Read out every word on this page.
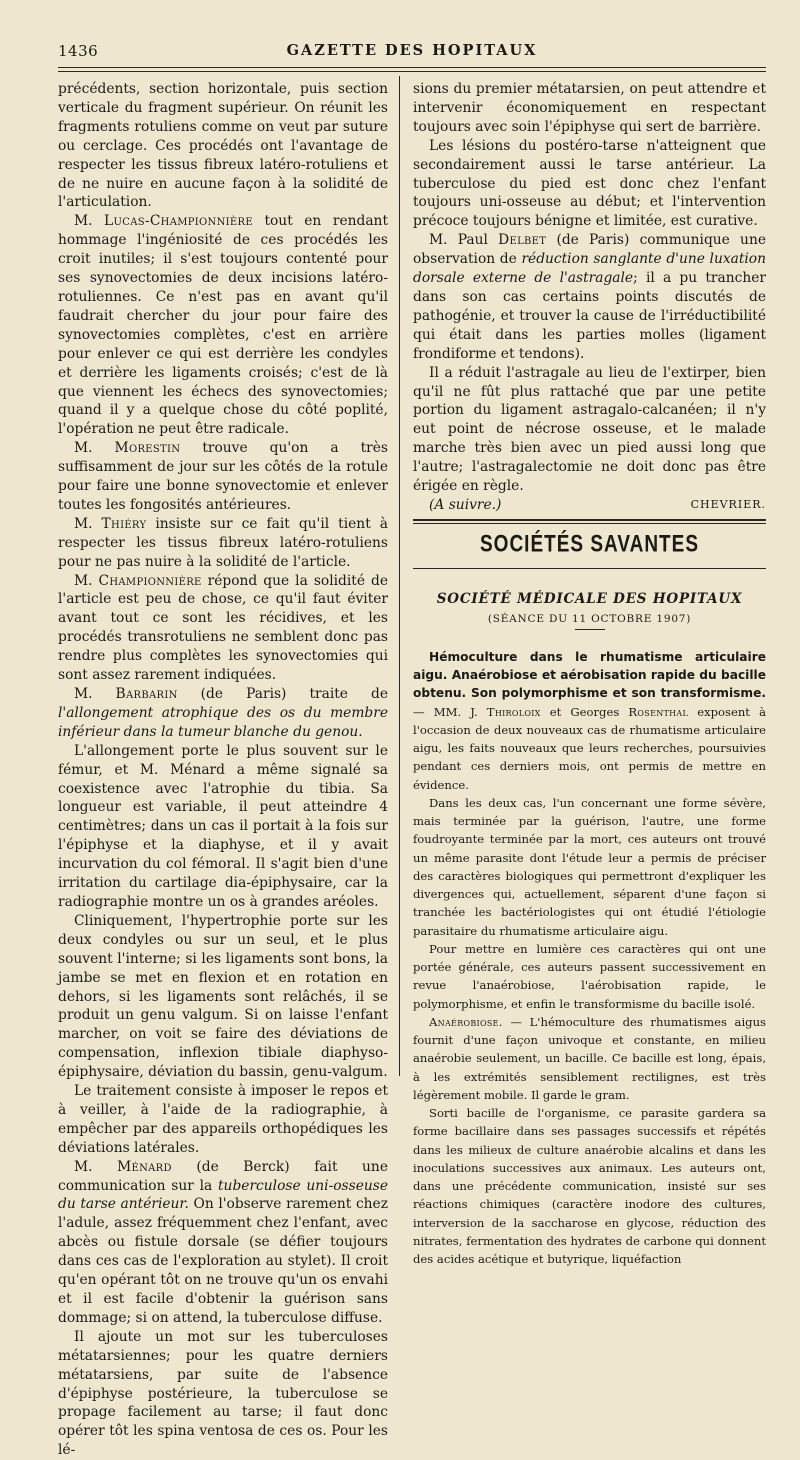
1436	GAZETTE DES HOPITAUX

précédents, section horizontale, puis section verticale du fragment supérieur. On réunit les fragments rotuliens comme on veut par suture ou cerclage. Ces procédés ont l'avantage de respecter les tissus fibreux latéro-rotuliens et de ne nuire en aucune façon à la solidité de l'articulation.

M. Lucas-Championnière tout en rendant hommage l'ingéniosité de ces procédés les croit inutiles; il s'est toujours contenté pour ses synovectomies de deux incisions latéro-rotuliennes. Ce n'est pas en avant qu'il faudrait chercher du jour pour faire des synovectomies complètes, c'est en arrière pour enlever ce qui est derrière les condyles et derrière les ligaments croisés; c'est de là que viennent les échecs des synovectomies; quand il y a quelque chose du côté poplité, l'opération ne peut être radicale.

M. Morestin trouve qu'on a très suffisamment de jour sur les côtés de la rotule pour faire une bonne synovectomie et enlever toutes les fongosités antérieures.

M. Thiéry insiste sur ce fait qu'il tient à respecter les tissus fibreux latéro-rotuliens pour ne pas nuire à la solidité de l'article.

M. Championnière répond que la solidité de l'article est peu de chose, ce qu'il faut éviter avant tout ce sont les récidives, et les procédés transrotuliens ne semblent donc pas rendre plus complètes les synovectomies qui sont assez rarement indiquées.

M. Barbarin (de Paris) traite de l'allongement atrophique des os du membre inférieur dans la tumeur blanche du genou.

L'allongement porte le plus souvent sur le fémur, et M. Ménard a même signalé sa coexistence avec l'atrophie du tibia. Sa longueur est variable, il peut atteindre 4 centimètres; dans un cas il portait à la fois sur l'épiphyse et la diaphyse, et il y avait incurvation du col fémoral. Il s'agit bien d'une irritation du cartilage dia-épiphysaire, car la radiographie montre un os à grandes aréoles.

Cliniquement, l'hypertrophie porte sur les deux condyles ou sur un seul, et le plus souvent l'interne; si les ligaments sont bons, la jambe se met en flexion et en rotation en dehors, si les ligaments sont relâchés, il se produit un genu valgum. Si on laisse l'enfant marcher, on voit se faire des déviations de compensation, inflexion tibiale diaphyso-épiphysaire, déviation du bassin, genu-valgum.

Le traitement consiste à imposer le repos et à veiller, à l'aide de la radiographie, à empêcher par des appareils orthopédiques les déviations latérales.

M. Ménard (de Berck) fait une communication sur la tuberculose uni-osseuse du tarse antérieur. On l'observe rarement chez l'adule, assez fréquemment chez l'enfant, avec abcès ou fistule dorsale (se défier toujours dans ces cas de l'exploration au stylet). Il croit qu'en opérant tôt on ne trouve qu'un os envahi et il est facile d'obtenir la guérison sans dommage; si on attend, la tuberculose diffuse.

Il ajoute un mot sur les tuberculoses métatarsiennes; pour les quatre derniers métatarsiens, par suite de l'absence d'épiphyse postérieure, la tuberculose se propage facilement au tarse; il faut donc opérer tôt les spina ventosa de ces os. Pour les lé-

sions du premier métatarsien, on peut attendre et intervenir économiquement en respectant toujours avec soin l'épiphyse qui sert de barrière.

Les lésions du postéro-tarse n'atteignent que secondairement aussi le tarse antérieur. La tuberculose du pied est donc chez l'enfant toujours uni-osseuse au début; et l'intervention précoce toujours bénigne et limitée, est curative.

M. Paul Delbet (de Paris) communique une observation de réduction sanglante d'une luxation dorsale externe de l'astragale; il a pu trancher dans son cas certains points discutés de pathogénie, et trouver la cause de l'irréductibilité qui était dans les parties molles (ligament frondiforme et tendons).

Il a réduit l'astragale au lieu de l'extirper, bien qu'il ne fût plus rattaché que par une petite portion du ligament astragalo-calcanéen; il n'y eut point de nécrose osseuse, et le malade marche très bien avec un pied aussi long que l'autre; l'astragalectomie ne doit donc pas être érigée en règle.

(A suivre.)	CHEVRIER.
SOCIÉTÉS SAVANTES
SOCIÉTÉ MÉDICALE DES HOPITAUX
(SÉANCE DU 11 OCTOBRE 1907)

Hémoculture dans le rhumatisme articulaire aigu. Anaérobiose et aérobisation rapide du bacille obtenu. Son polymorphisme et son transformisme. — MM. J. Thiroloix et Georges Rosenthal exposent à l'occasion de deux nouveaux cas de rhumatisme articulaire aigu, les faits nouveaux que leurs recherches, poursuivies pendant ces derniers mois, ont permis de mettre en évidence.

Dans les deux cas, l'un concernant une forme sévère, mais terminée par la guérison, l'autre, une forme foudroyante terminée par la mort, ces auteurs ont trouvé un même parasite dont l'étude leur a permis de préciser des caractères biologiques qui permettront d'expliquer les divergences qui, actuellement, séparent d'une façon si tranchée les bactériologistes qui ont étudié l'étiologie parasitaire du rhumatisme articulaire aigu.

Pour mettre en lumière ces caractères qui ont une portée générale, ces auteurs passent successivement en revue l'anaérobiose, l'aérobisation rapide, le polymorphisme, et enfin le transformisme du bacille isolé.

Anaérobiose. — L'hémoculture des rhumatismes aigus fournit d'une façon univoque et constante, en milieu anaérobie seulement, un bacille. Ce bacille est long, épais, à les extrémités sensiblement rectilignes, est très légèrement mobile. Il garde le gram.

Sorti bacille de l'organisme, ce parasite gardera sa forme bacillaire dans ses passages successifs et répétés dans les milieux de culture anaérobie alcalins et dans les inoculations successives aux animaux. Les auteurs ont, dans une précédente communication, insisté sur ses réactions chimiques (caractère inodore des cultures, interversion de la saccharose en glycose, réduction des nitrates, fermentation des hydrates de carbone qui donnent des acides acétique et butyrique, liquéfaction
